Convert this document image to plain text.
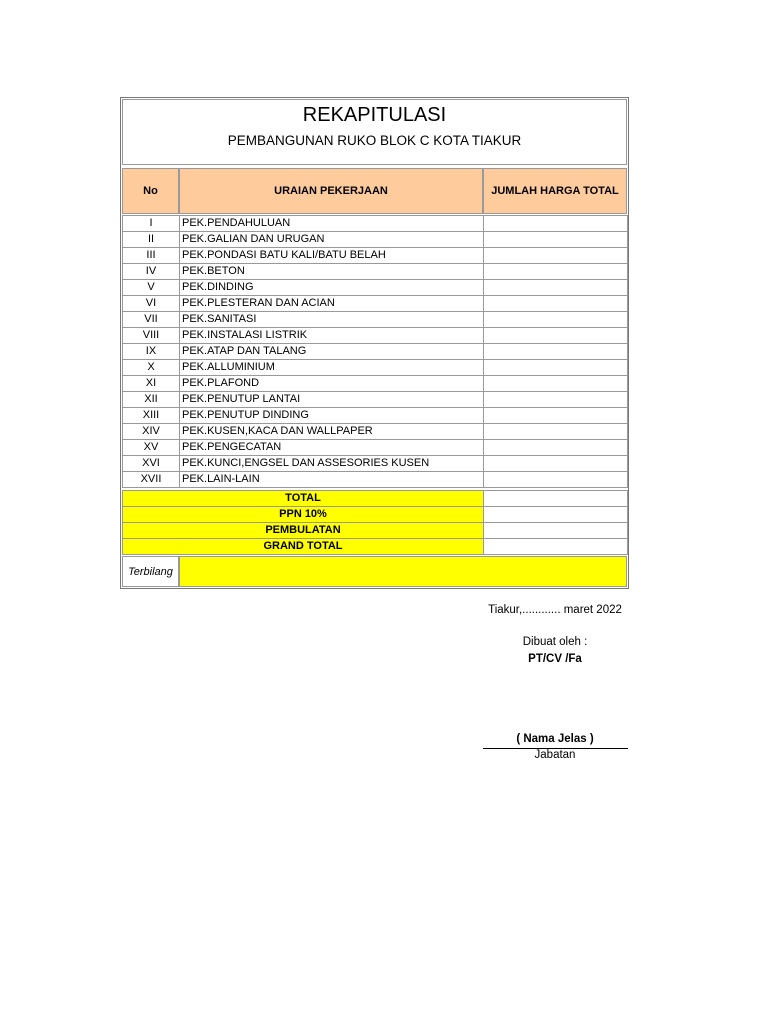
REKAPITULASI
PEMBANGUNAN RUKO BLOK C KOTA TIAKUR
No	URAIAN PEKERJAAN	JUMLAH HARGA TOTAL
I	PEK.PENDAHULUAN	
II	PEK.GALIAN DAN URUGAN	
III	PEK.PONDASI BATU KALI/BATU BELAH	
IV	PEK.BETON	
V	PEK.DINDING	
VI	PEK.PLESTERAN DAN ACIAN	
VII	PEK.SANITASI	
VIII	PEK.INSTALASI LISTRIK	
IX	PEK.ATAP DAN TALANG	
X	PEK.ALLUMINIUM	
XI	PEK.PLAFOND	
XII	PEK.PENUTUP LANTAI	
XIII	PEK.PENUTUP DINDING	
XIV	PEK.KUSEN,KACA DAN WALLPAPER	
XV	PEK.PENGECATAN	
XVI	PEK.KUNCI,ENGSEL DAN ASSESORIES KUSEN	
XVII	PEK.LAIN-LAIN	
TOTAL	
PPN 10%	
PEMBULATAN	
GRAND TOTAL	
Terbilang
Tiakur,............ maret 2022
Dibuat oleh :
PT/CV /Fa
( Nama Jelas )
Jabatan
